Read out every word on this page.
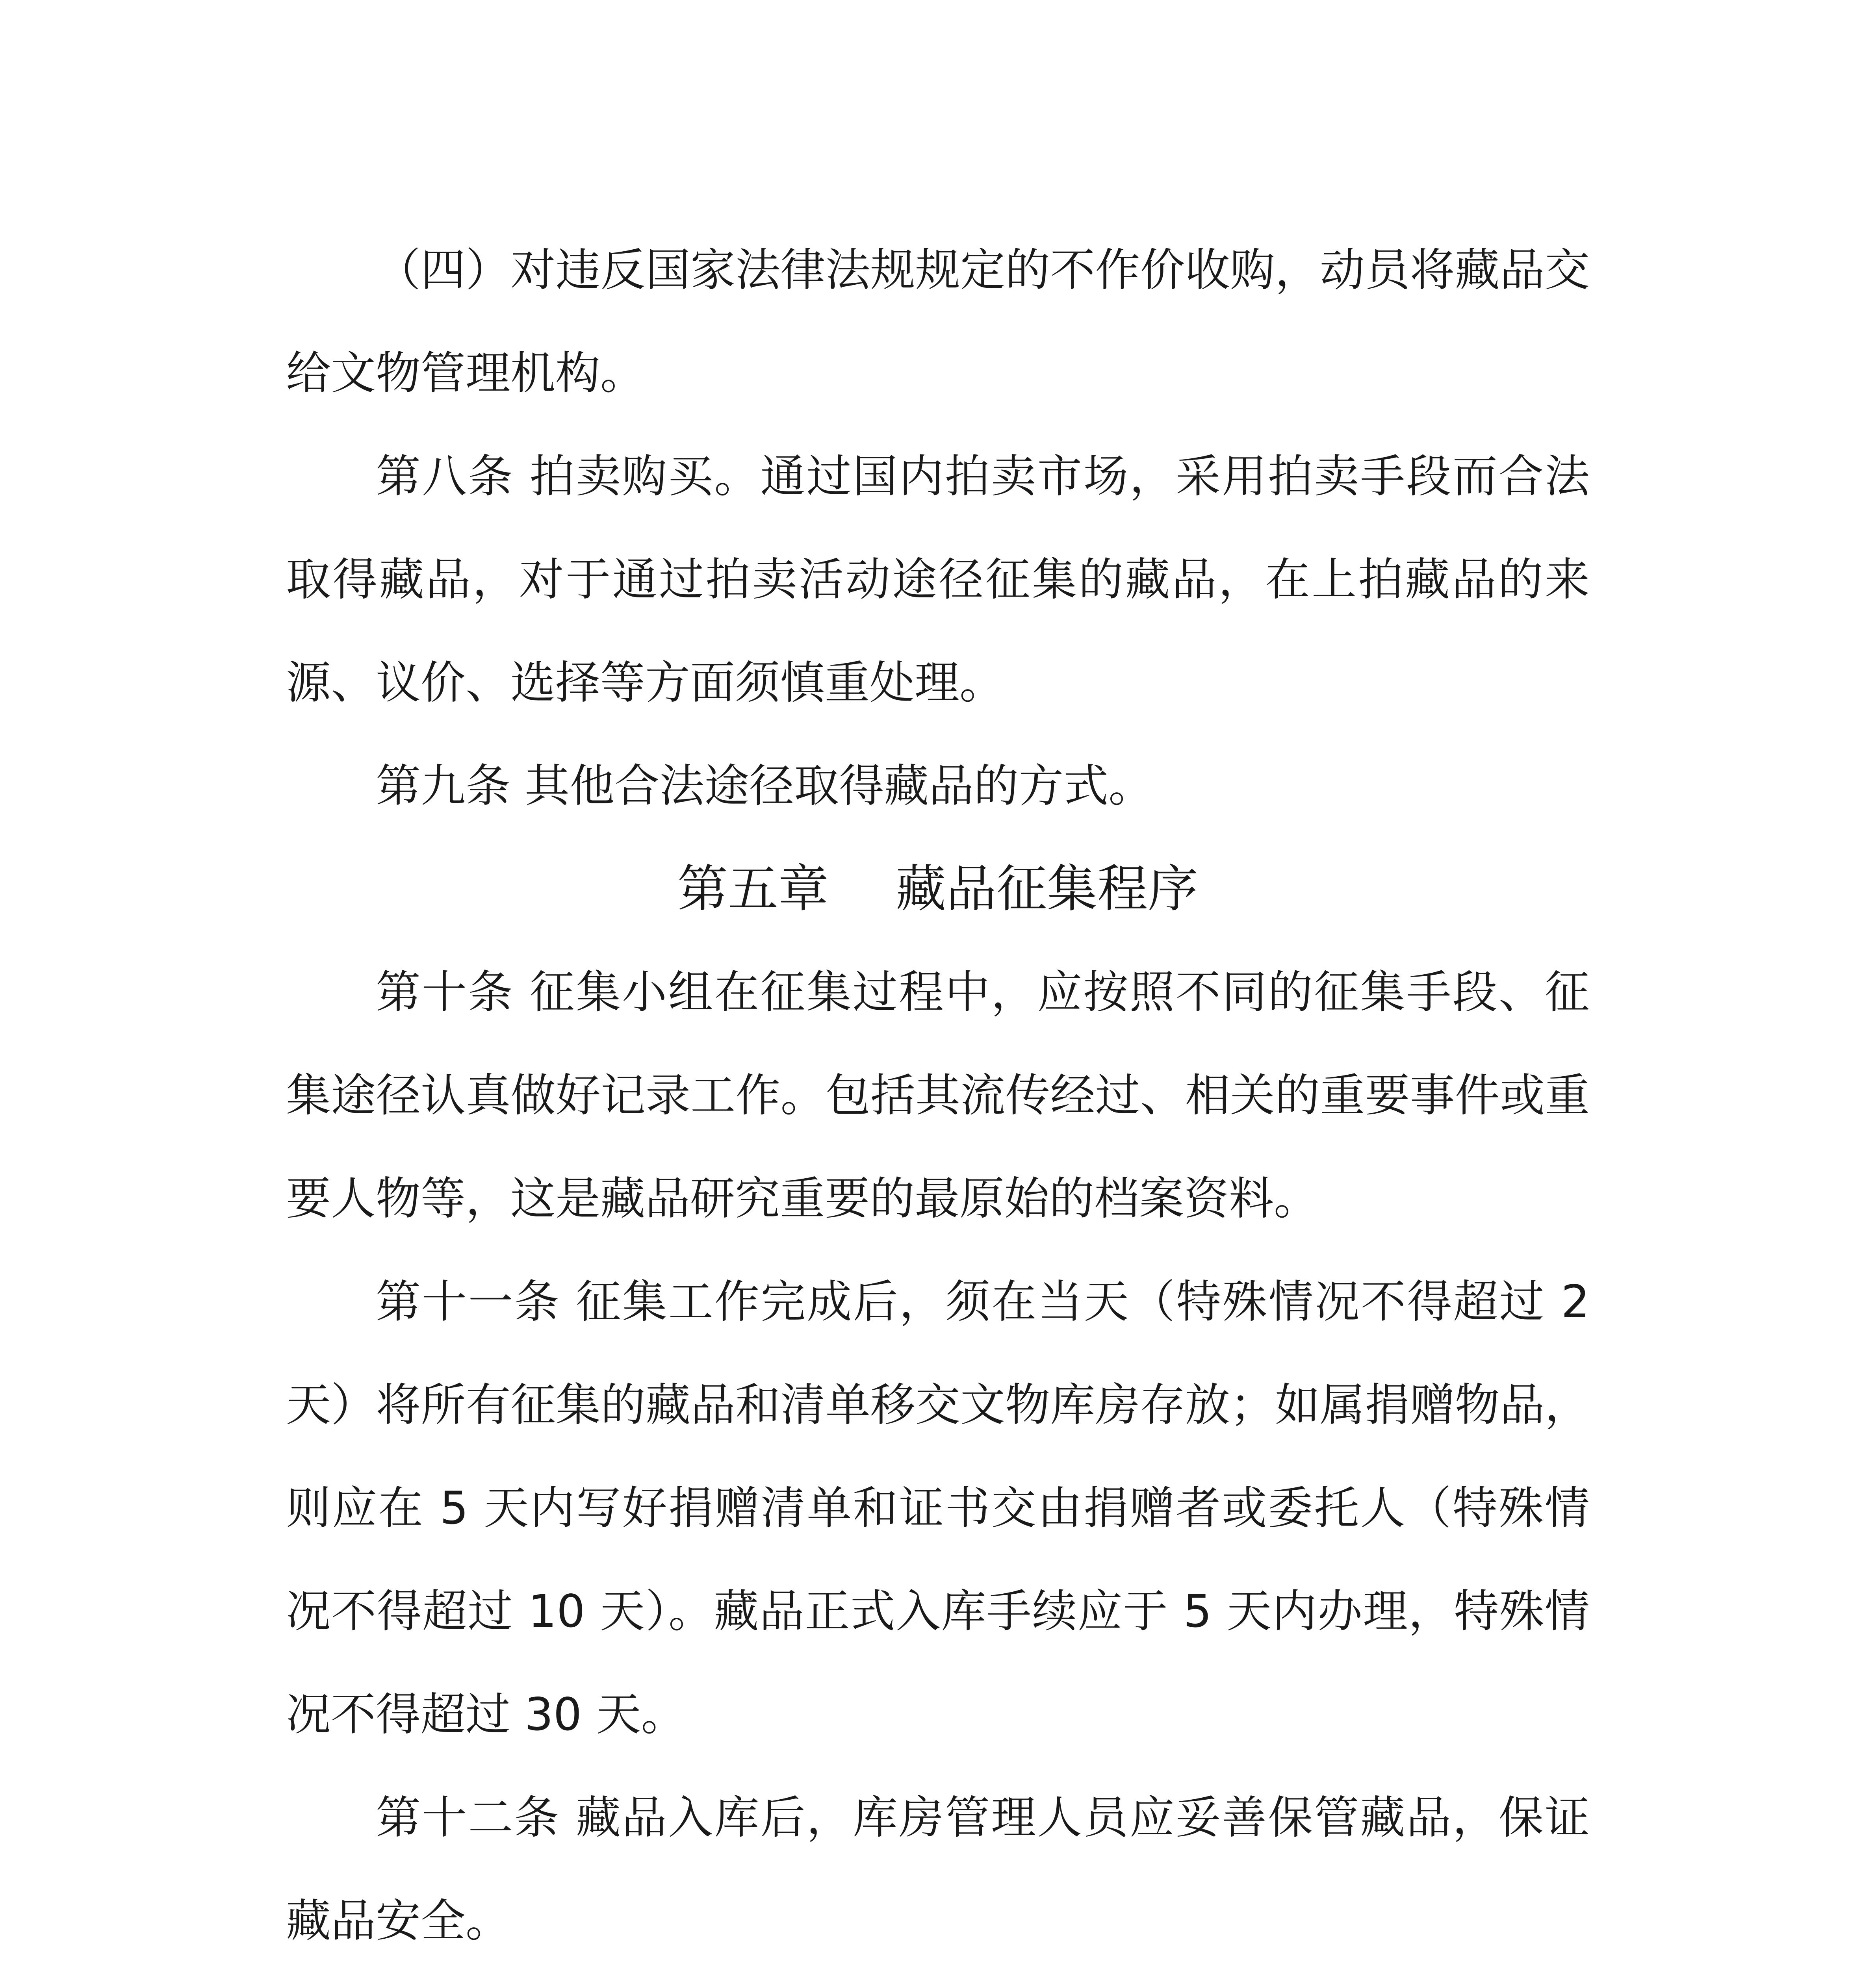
（四）对违反国家法律法规规定的不作价收购，动员将藏品交给文物管理机构。

第八条 拍卖购买。通过国内拍卖市场，采用拍卖手段而合法取得藏品，对于通过拍卖活动途径征集的藏品，在上拍藏品的来源、议价、选择等方面须慎重处理。

第九条 其他合法途径取得藏品的方式。

第五章 藏品征集程序

第十条 征集小组在征集过程中，应按照不同的征集手段、征集途径认真做好记录工作。包括其流传经过、相关的重要事件或重要人物等，这是藏品研究重要的最原始的档案资料。

第十一条 征集工作完成后，须在当天（特殊情况不得超过 2 天）将所有征集的藏品和清单移交文物库房存放；如属捐赠物品，则应在 5 天内写好捐赠清单和证书交由捐赠者或委托人（特殊情况不得超过 10 天）。藏品正式入库手续应于 5 天内办理，特殊情况不得超过 30 天。

第十二条 藏品入库后，库房管理人员应妥善保管藏品，保证藏品安全。
